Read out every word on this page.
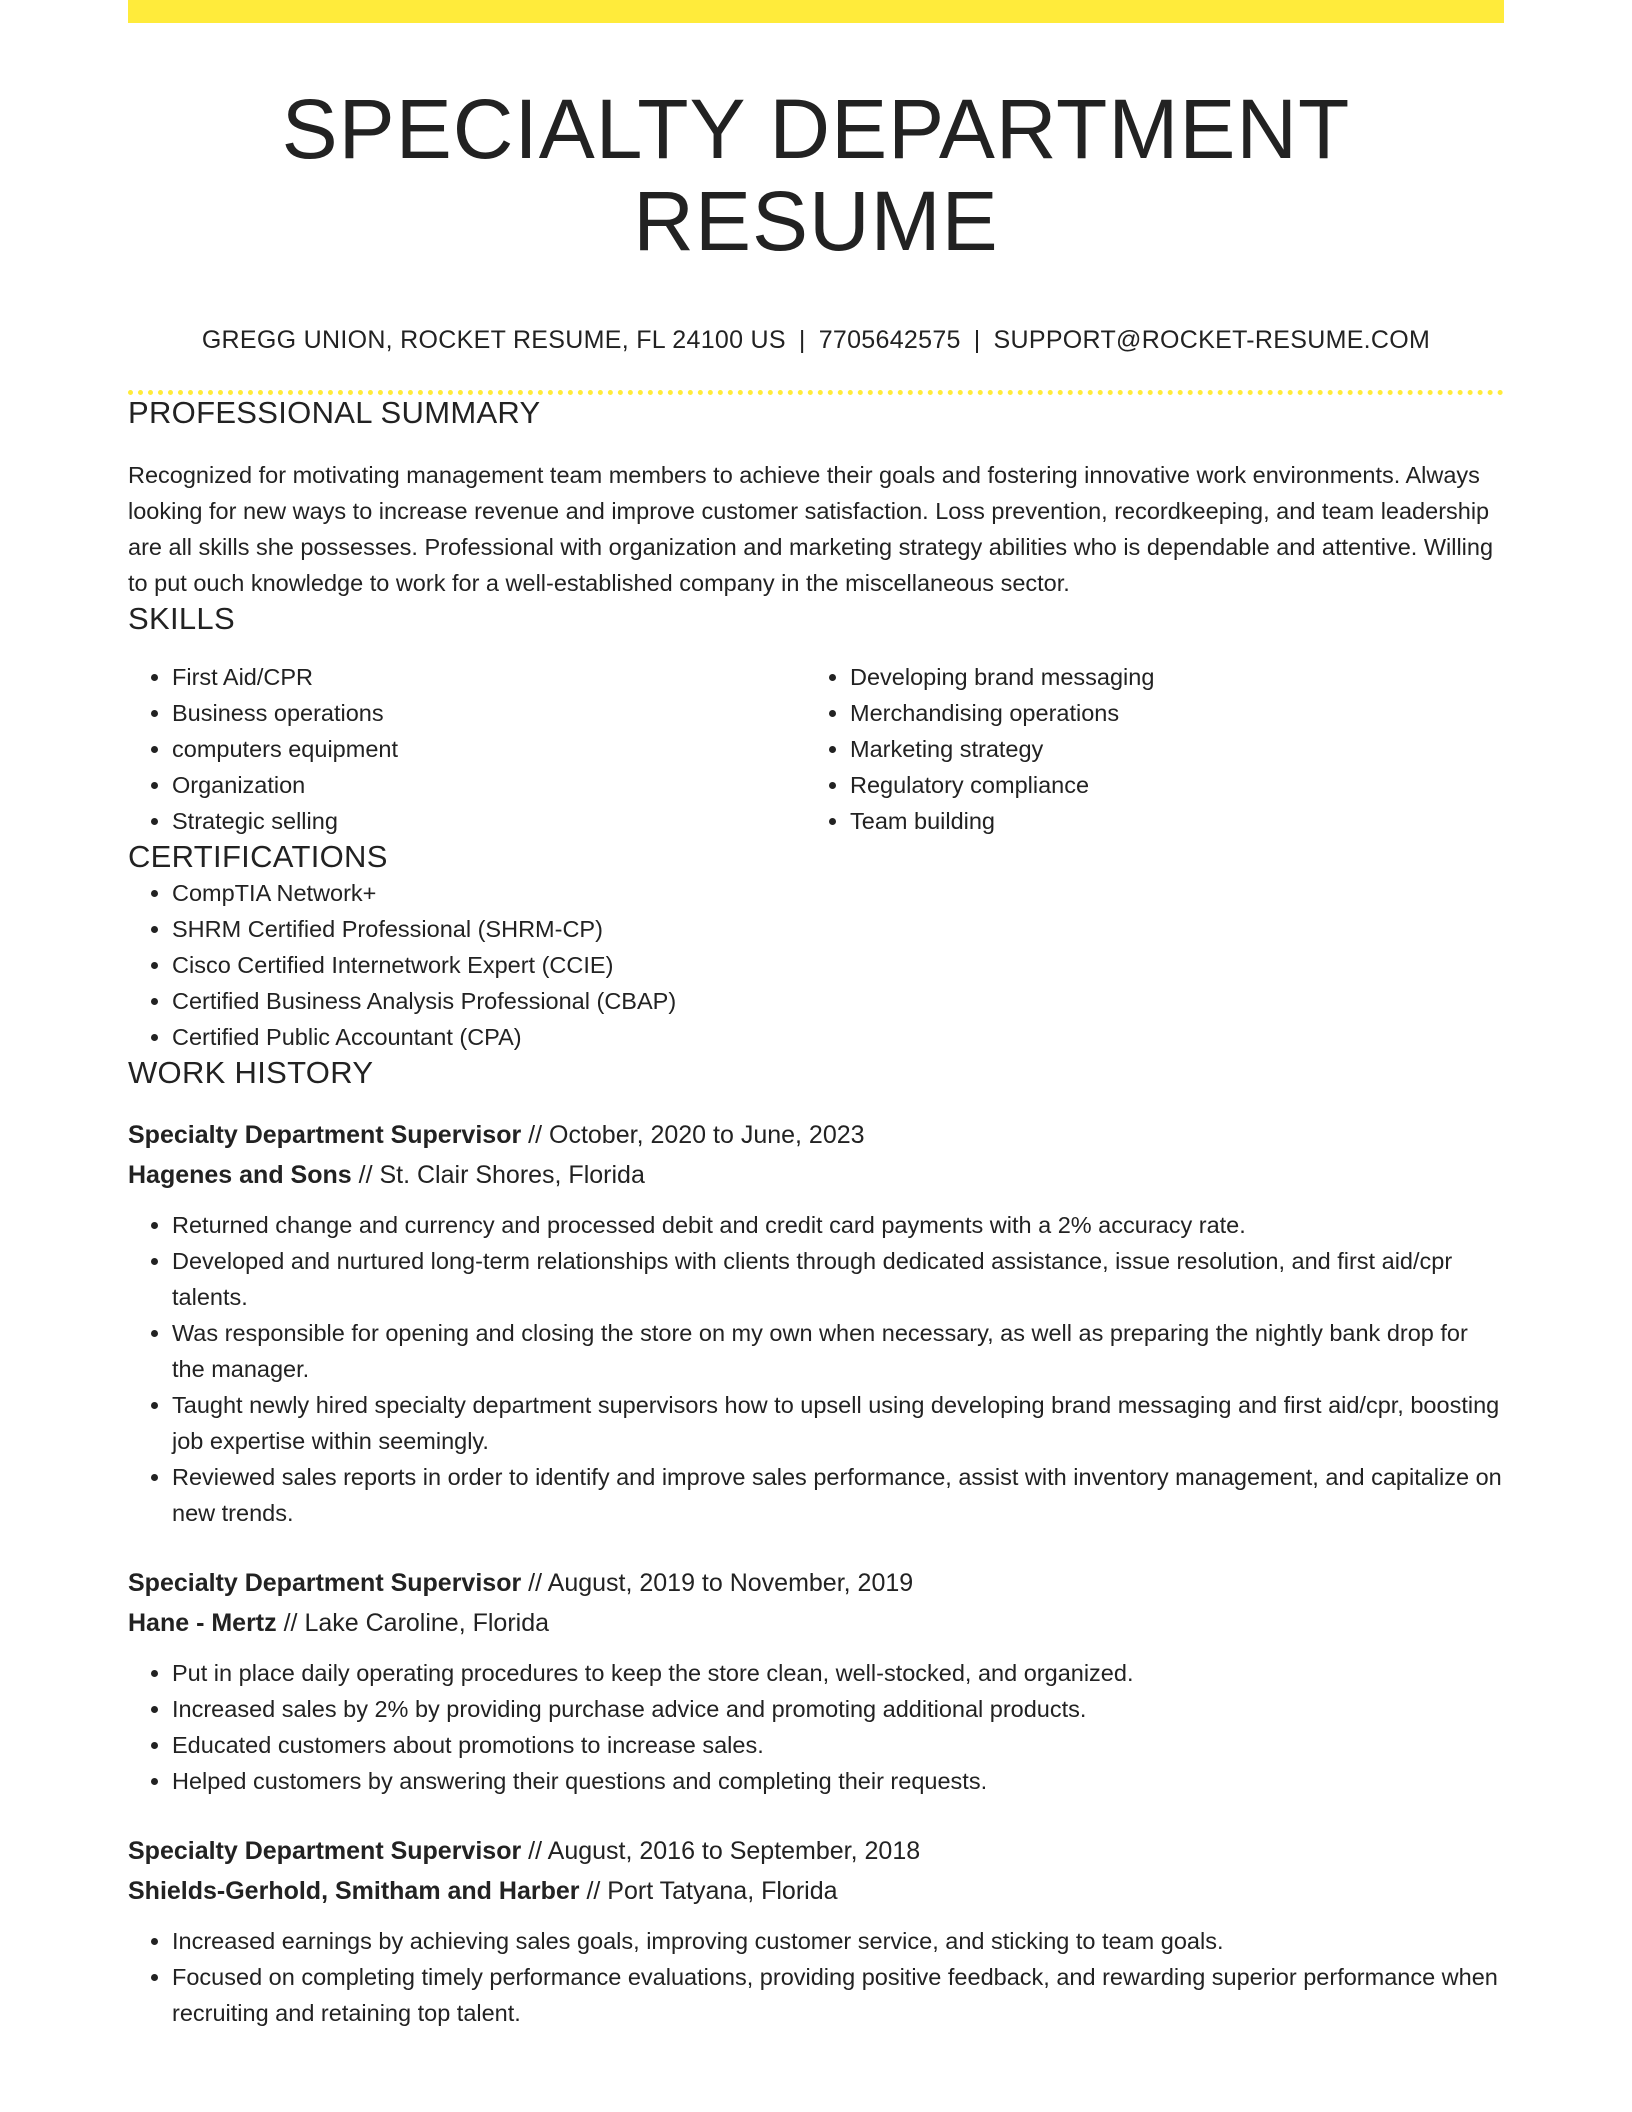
SPECIALTY DEPARTMENT RESUME
GREGG UNION, ROCKET RESUME, FL 24100 US | 7705642575 | SUPPORT@ROCKET-RESUME.COM
PROFESSIONAL SUMMARY

Recognized for motivating management team members to achieve their goals and fostering innovative work environments. Always looking for new ways to increase revenue and improve customer satisfaction. Loss prevention, recordkeeping, and team leadership are all skills she possesses. Professional with organization and marketing strategy abilities who is dependable and attentive. Willing to put ouch knowledge to work for a well-established company in the miscellaneous sector.

SKILLS
• First Aid/CPR
• Business operations
• computers equipment
• Organization
• Strategic selling
• Developing brand messaging
• Merchandising operations
• Marketing strategy
• Regulatory compliance
• Team building
CERTIFICATIONS
• CompTIA Network+
• SHRM Certified Professional (SHRM-CP)
• Cisco Certified Internetwork Expert (CCIE)
• Certified Business Analysis Professional (CBAP)
• Certified Public Accountant (CPA)
WORK HISTORY
Specialty Department Supervisor // October, 2020 to June, 2023
Hagenes and Sons // St. Clair Shores, Florida
• Returned change and currency and processed debit and credit card payments with a 2% accuracy rate.
• Developed and nurtured long-term relationships with clients through dedicated assistance, issue resolution, and first aid/cpr talents.
• Was responsible for opening and closing the store on my own when necessary, as well as preparing the nightly bank drop for the manager.
• Taught newly hired specialty department supervisors how to upsell using developing brand messaging and first aid/cpr, boosting job expertise within seemingly.
• Reviewed sales reports in order to identify and improve sales performance, assist with inventory management, and capitalize on new trends.
Specialty Department Supervisor // August, 2019 to November, 2019
Hane - Mertz // Lake Caroline, Florida
• Put in place daily operating procedures to keep the store clean, well-stocked, and organized.
• Increased sales by 2% by providing purchase advice and promoting additional products.
• Educated customers about promotions to increase sales.
• Helped customers by answering their questions and completing their requests.
Specialty Department Supervisor // August, 2016 to September, 2018
Shields-Gerhold, Smitham and Harber // Port Tatyana, Florida
• Increased earnings by achieving sales goals, improving customer service, and sticking to team goals.
• Focused on completing timely performance evaluations, providing positive feedback, and rewarding superior performance when recruiting and retaining top talent.
